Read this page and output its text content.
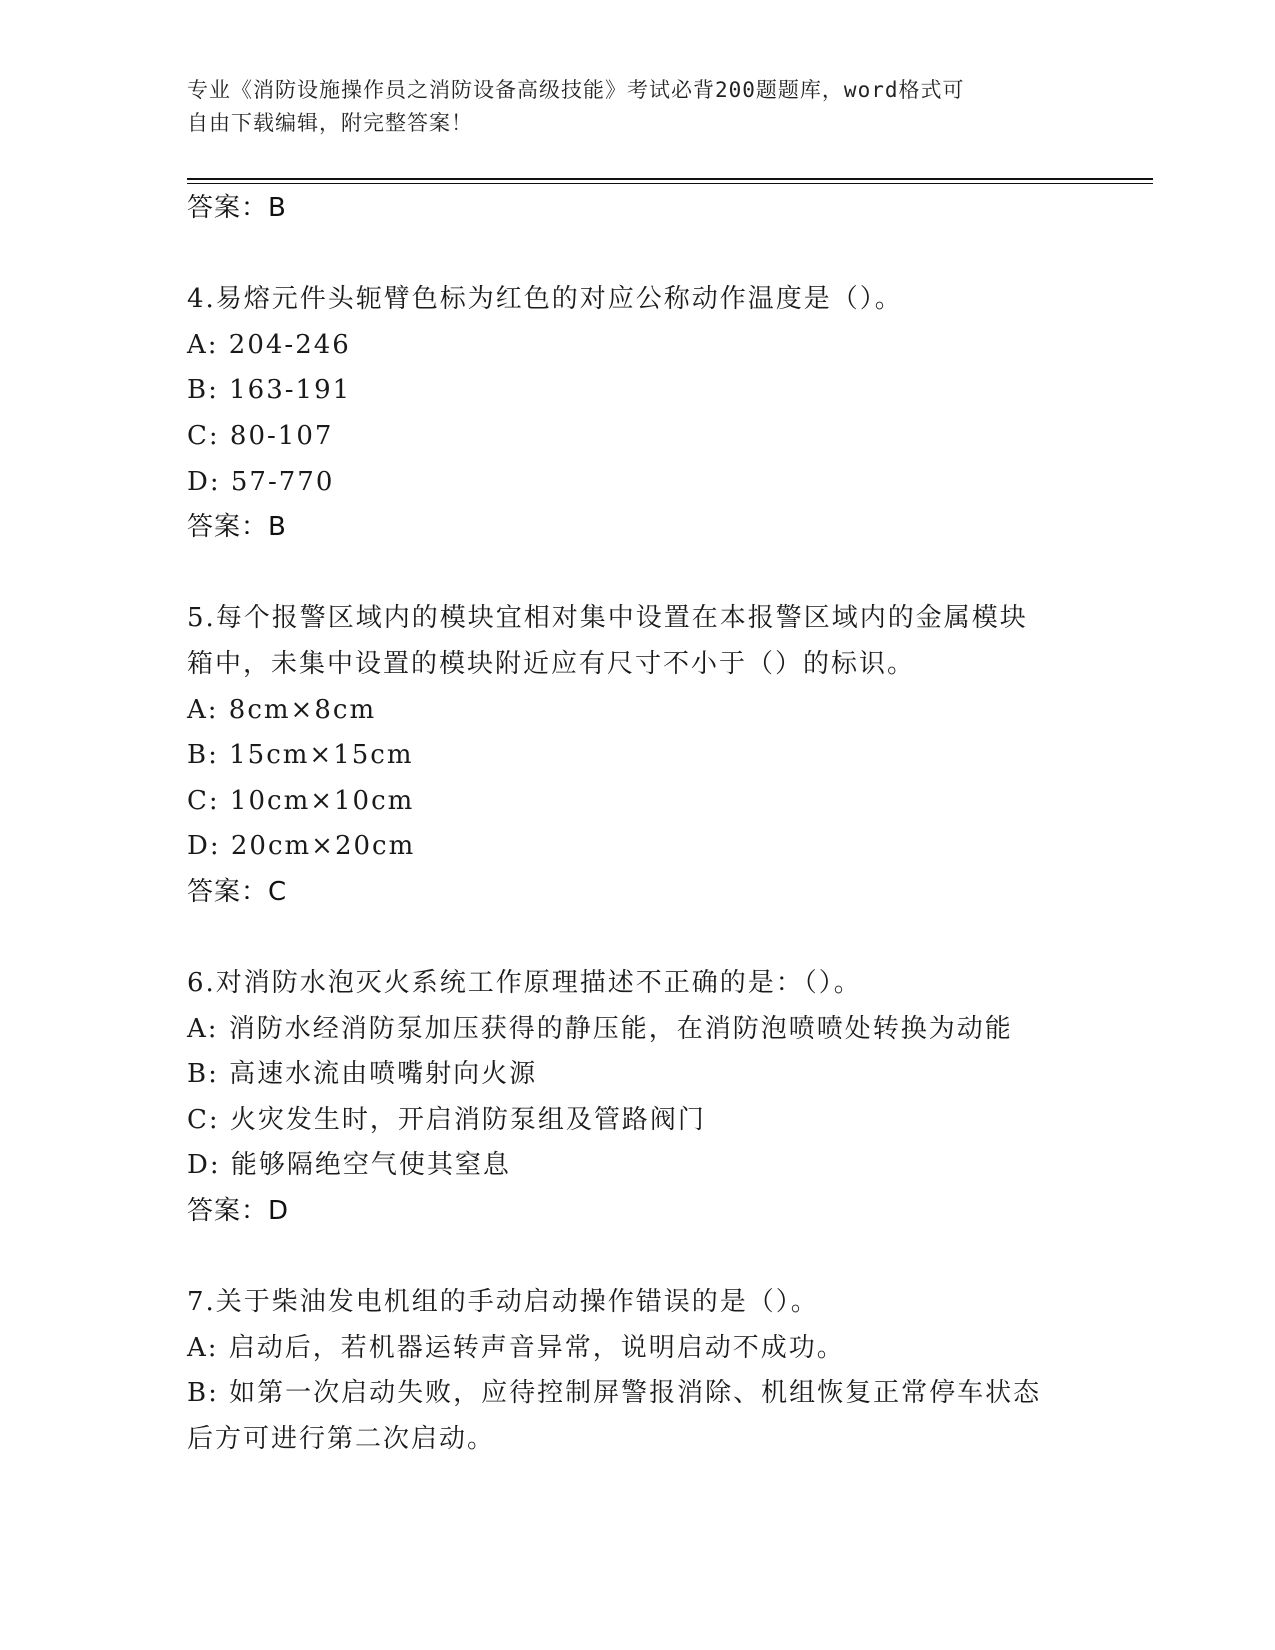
专业《消防设施操作员之消防设备高级技能》考试必背200题题库，word格式可
自由下载编辑，附完整答案！
答案：B
4.易熔元件头轭臂色标为红色的对应公称动作温度是（）。
A: 204-246
B: 163-191
C: 80-107
D: 57-770
答案：B
5.每个报警区域内的模块宜相对集中设置在本报警区域内的金属模块
箱中，未集中设置的模块附近应有尺寸不小于（）的标识。
A: 8cm×8cm
B: 15cm×15cm
C: 10cm×10cm
D: 20cm×20cm
答案：C
6.对消防水泡灭火系统工作原理描述不正确的是：（）。
A: 消防水经消防泵加压获得的静压能，在消防泡喷喷处转换为动能
B: 高速水流由喷嘴射向火源
C: 火灾发生时，开启消防泵组及管路阀门
D: 能够隔绝空气使其窒息
答案：D
7.关于柴油发电机组的手动启动操作错误的是（）。
A: 启动后，若机器运转声音异常，说明启动不成功。
B: 如第一次启动失败，应待控制屏警报消除、机组恢复正常停车状态
后方可进行第二次启动。
